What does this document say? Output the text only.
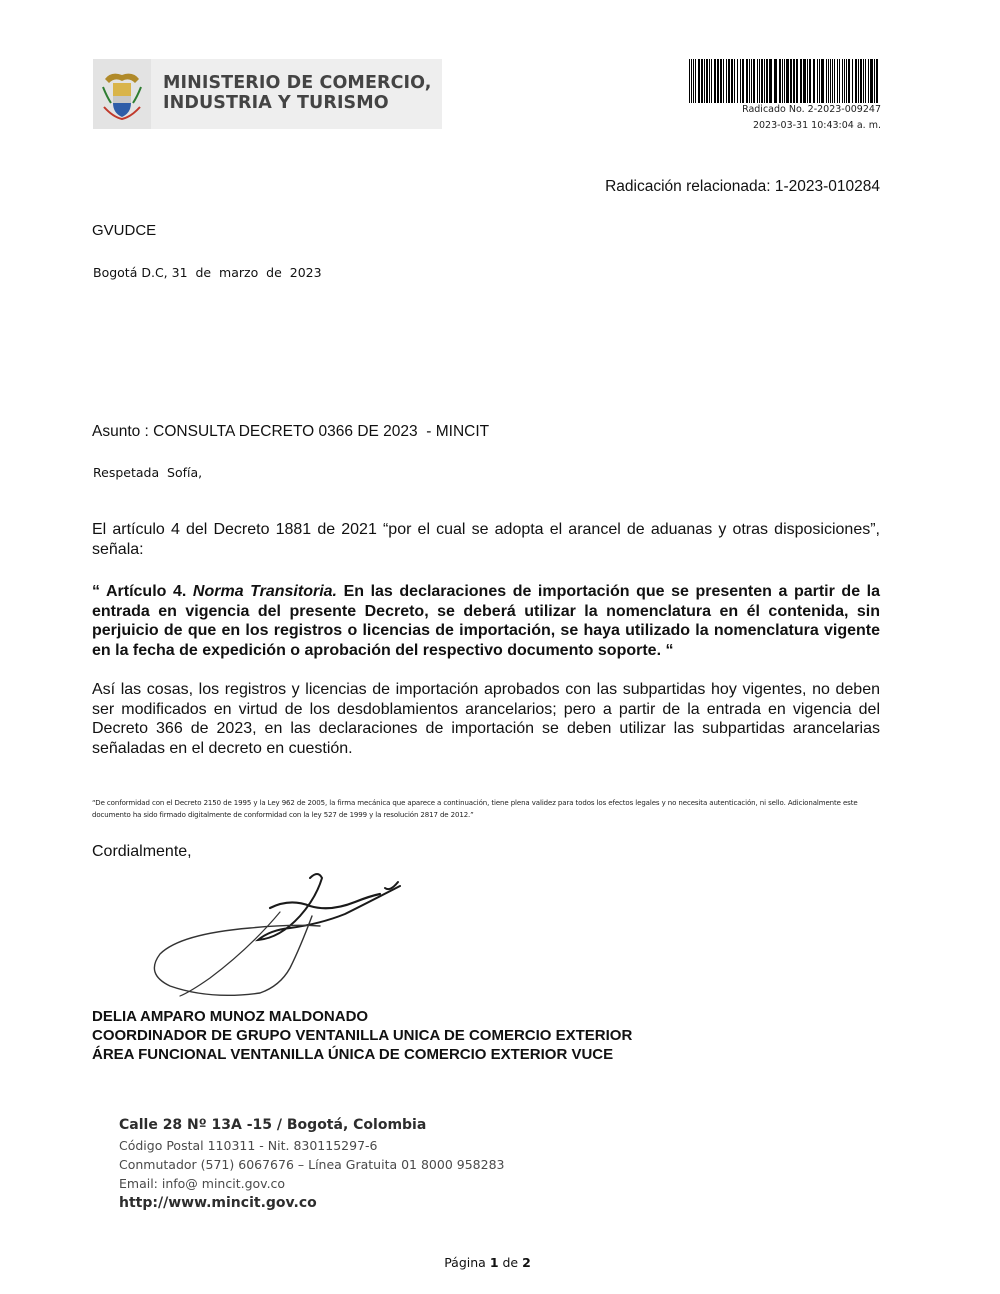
MINISTERIO DE COMERCIO,
INDUSTRIA Y TURISMO	Radicado No. 2-2023-009247
2023-03-31 10:43:04 a. m.
Radicación relacionada: 1-2023-010284
GVUDCE
Bogotá D.C, 31  de  marzo  de  2023
Asunto : CONSULTA DECRETO 0366 DE 2023  - MINCIT
Respetada  Sofía,
El artículo 4 del Decreto 1881 de 2021 “por el cual se adopta el arancel de aduanas y otras disposiciones”, señala:
“ Artículo 4. Norma Transitoria. En las declaraciones de importación que se presenten a partir de la entrada en vigencia del presente Decreto, se deberá utilizar la nomenclatura en él contenida, sin perjuicio de que en los registros o licencias de importación, se haya utilizado la nomenclatura vigente en la fecha de expedición o aprobación del respectivo documento soporte. “
Así las cosas, los registros y licencias de importación aprobados con las subpartidas hoy vigentes, no deben ser modificados en virtud de los desdoblamientos arancelarios; pero a partir de la entrada en vigencia del Decreto 366 de 2023, en las declaraciones de importación se deben utilizar las subpartidas arancelarias señaladas en el decreto en cuestión.
“De conformidad con el Decreto 2150 de 1995 y la Ley 962 de 2005, la firma mecánica que aparece a continuación, tiene plena validez para todos los efectos legales y no necesita autenticación, ni sello. Adicionalmente este documento ha sido firmado digitalmente de conformidad con la ley 527 de 1999 y la resolución 2817 de 2012.”
Cordialmente,
DELIA AMPARO MUNOZ MALDONADO
COORDINADOR DE GRUPO VENTANILLA UNICA DE COMERCIO EXTERIOR
ÁREA FUNCIONAL VENTANILLA ÚNICA DE COMERCIO EXTERIOR VUCE
Calle 28 Nº 13A -15 / Bogotá, Colombia
Código Postal 110311 - Nit. 830115297-6
Conmutador (571) 6067676 – Línea Gratuita 01 8000 958283
Email: info@ mincit.gov.co
http://www.mincit.gov.co
Página 1 de 2
